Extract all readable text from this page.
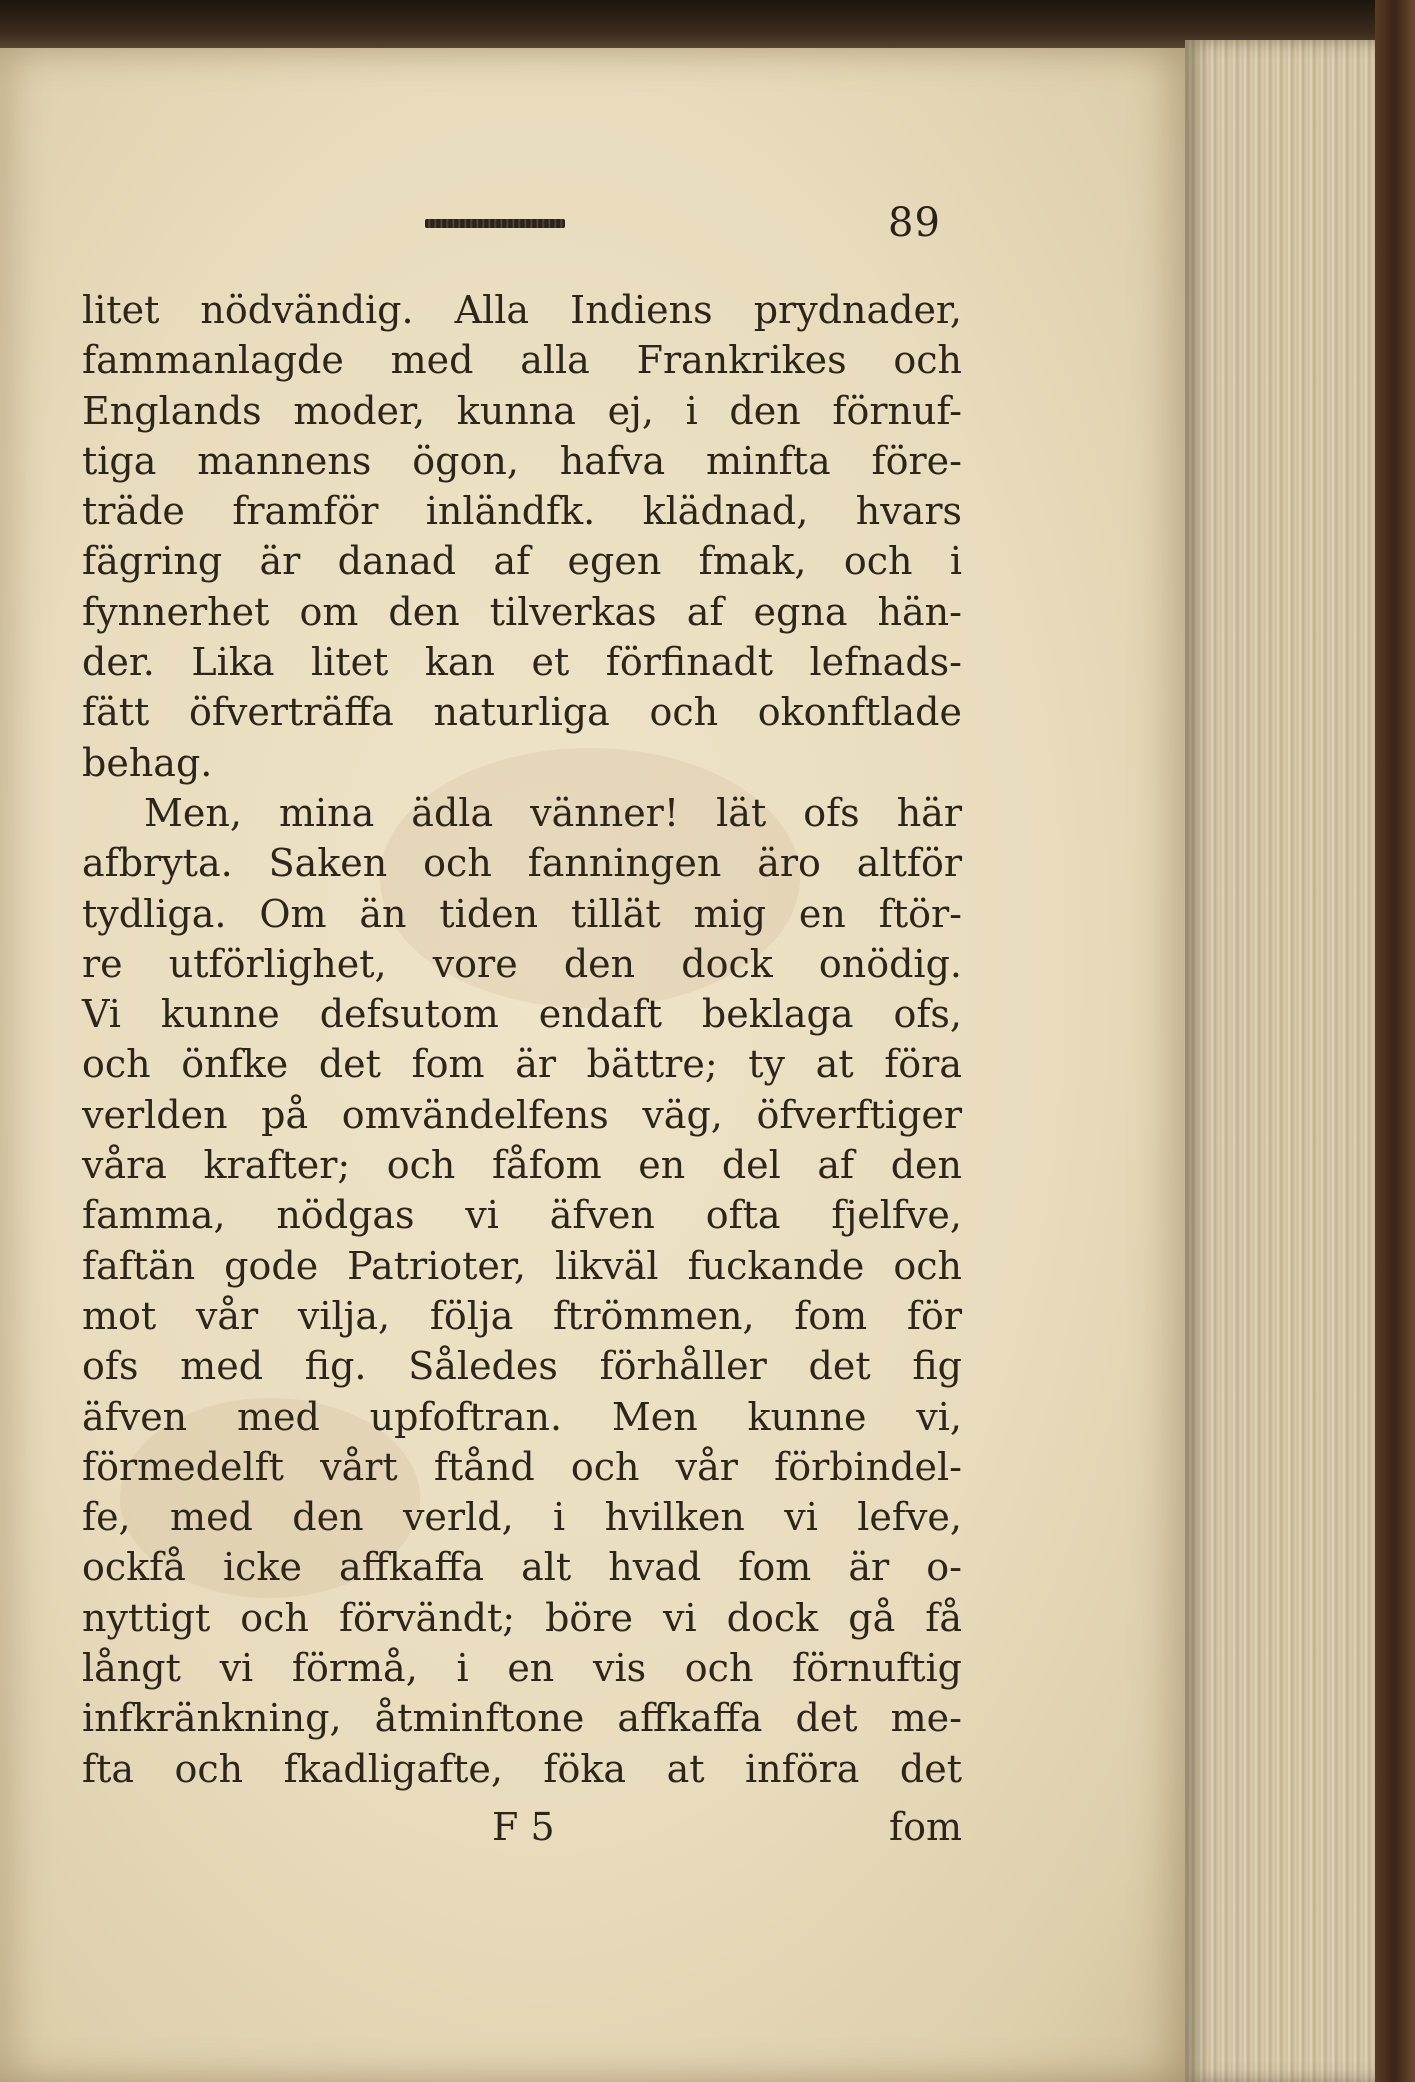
89
litet nödvändig. Alla Indiens prydnader,
fammanlagde med alla Frankrikes och
Englands moder, kunna ej, i den förnuf-
tiga mannens ögon, hafva minfta före-
träde framför inländfk. klädnad, hvars
fägring är danad af egen fmak, och i
fynnerhet om den tilverkas af egna hän-
der. Lika litet kan et förfinadt lefnads-
fätt öfverträffa naturliga och okonftlade
behag.
Men, mina ädla vänner! lät ofs här
afbryta. Saken och fanningen äro altför
tydliga. Om än tiden tillät mig en ftör-
re utförlighet, vore den dock onödig.
Vi kunne defsutom endaft beklaga ofs,
och önfke det fom är bättre; ty at föra
verlden på omvändelfens väg, öfverftiger
våra krafter; och fåfom en del af den
famma, nödgas vi äfven ofta fjelfve,
faftän gode Patrioter, likväl fuckande och
mot vår vilja, följa ftrömmen, fom för
ofs med fig. Således förhåller det fig
äfven med upfoftran. Men kunne vi,
förmedelft vårt ftånd och vår förbindel-
fe, med den verld, i hvilken vi lefve,
ockfå icke affkaffa alt hvad fom är o-
nyttigt och förvändt; böre vi dock gå få
långt vi förmå, i en vis och förnuftig
infkränkning, åtminftone affkaffa det me-
fta och fkadligafte, föka at införa det
F 5	fom
